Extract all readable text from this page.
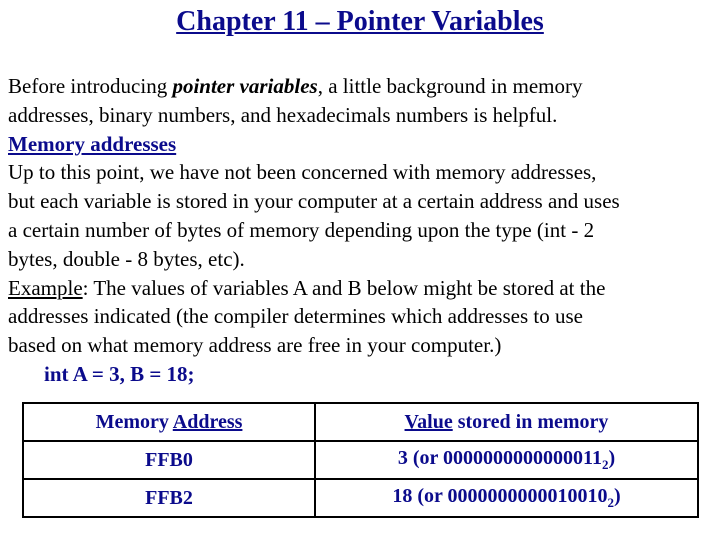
Chapter 11 – Pointer Variables
Before introducing pointer variables, a little background in memory
addresses, binary numbers, and hexadecimals numbers is helpful.
Memory addresses
Up to this point, we have not been concerned with memory addresses,
but each variable is stored in your computer at a certain address and uses
a certain number of bytes of memory depending upon the type (int - 2
bytes, double - 8 bytes, etc).
Example: The values of variables A and B below might be stored at the
addresses indicated (the compiler determines which addresses to use
based on what memory address are free in your computer.)
int A = 3, B = 18;
Memory Address	Value stored in memory
FFB0	3 (or $0000000000000011_2$)
FFB2	18 (or $0000000000010010_2$)
